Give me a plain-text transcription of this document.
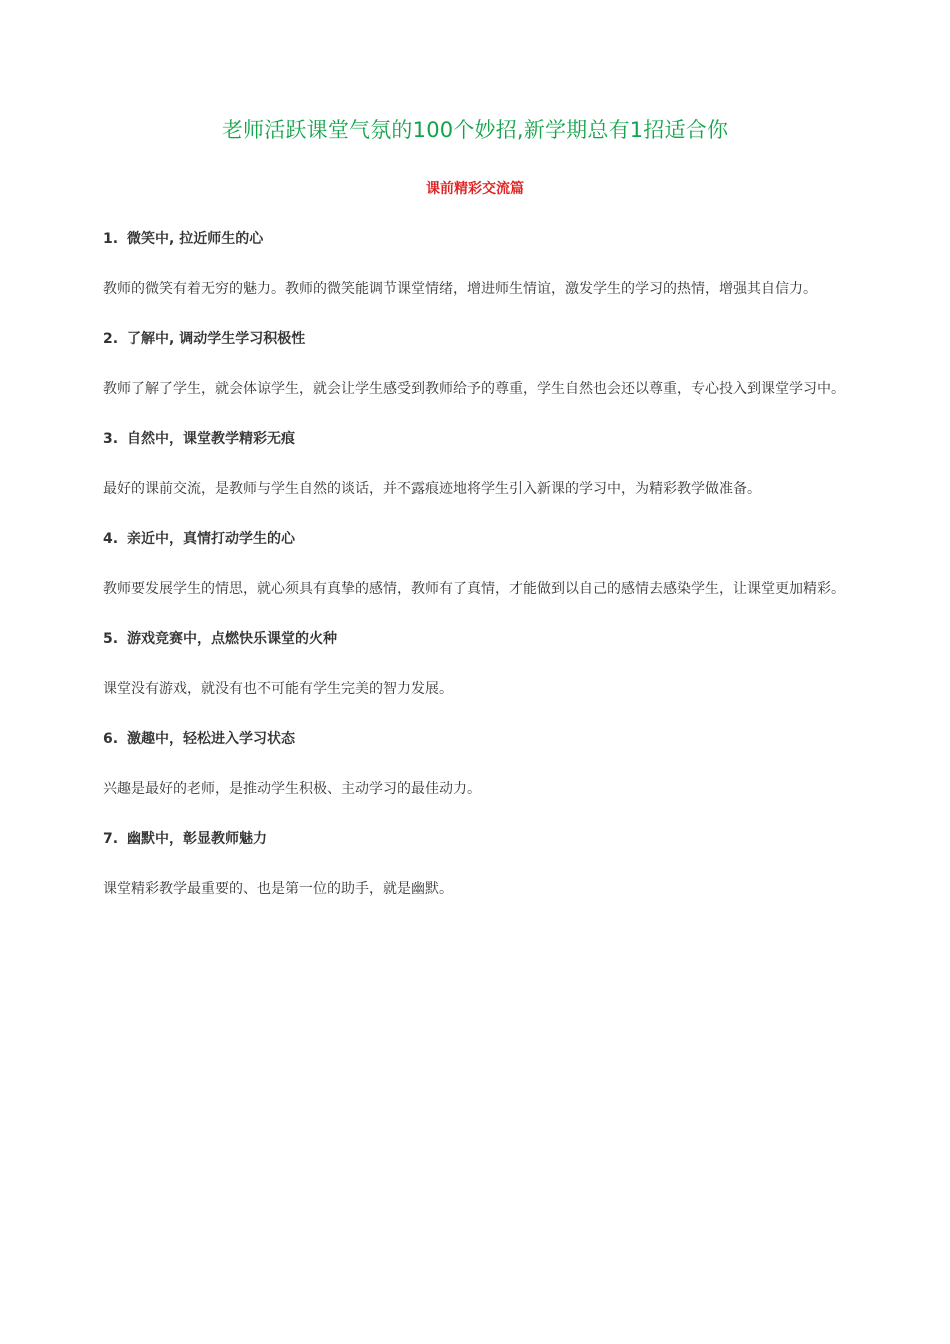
老师活跃课堂气氛的100个妙招,新学期总有1招适合你
课前精彩交流篇
1. 微笑中, 拉近师生的心
教师的微笑有着无穷的魅力。教师的微笑能调节课堂情绪，增进师生情谊，激发学生的学习的热情，增强其自信力。
2. 了解中, 调动学生学习积极性
教师了解了学生，就会体谅学生，就会让学生感受到教师给予的尊重，学生自然也会还以尊重，专心投入到课堂学习中。
3. 自然中，课堂教学精彩无痕
最好的课前交流，是教师与学生自然的谈话，并不露痕迹地将学生引入新课的学习中，为精彩教学做准备。
4. 亲近中，真情打动学生的心
教师要发展学生的情思，就心须具有真挚的感情，教师有了真情，才能做到以自己的感情去感染学生，让课堂更加精彩。
5. 游戏竞赛中，点燃快乐课堂的火种
课堂没有游戏，就没有也不可能有学生完美的智力发展。
6. 激趣中，轻松进入学习状态
兴趣是最好的老师，是推动学生积极、主动学习的最佳动力。
7. 幽默中，彰显教师魅力
课堂精彩教学最重要的、也是第一位的助手，就是幽默。
